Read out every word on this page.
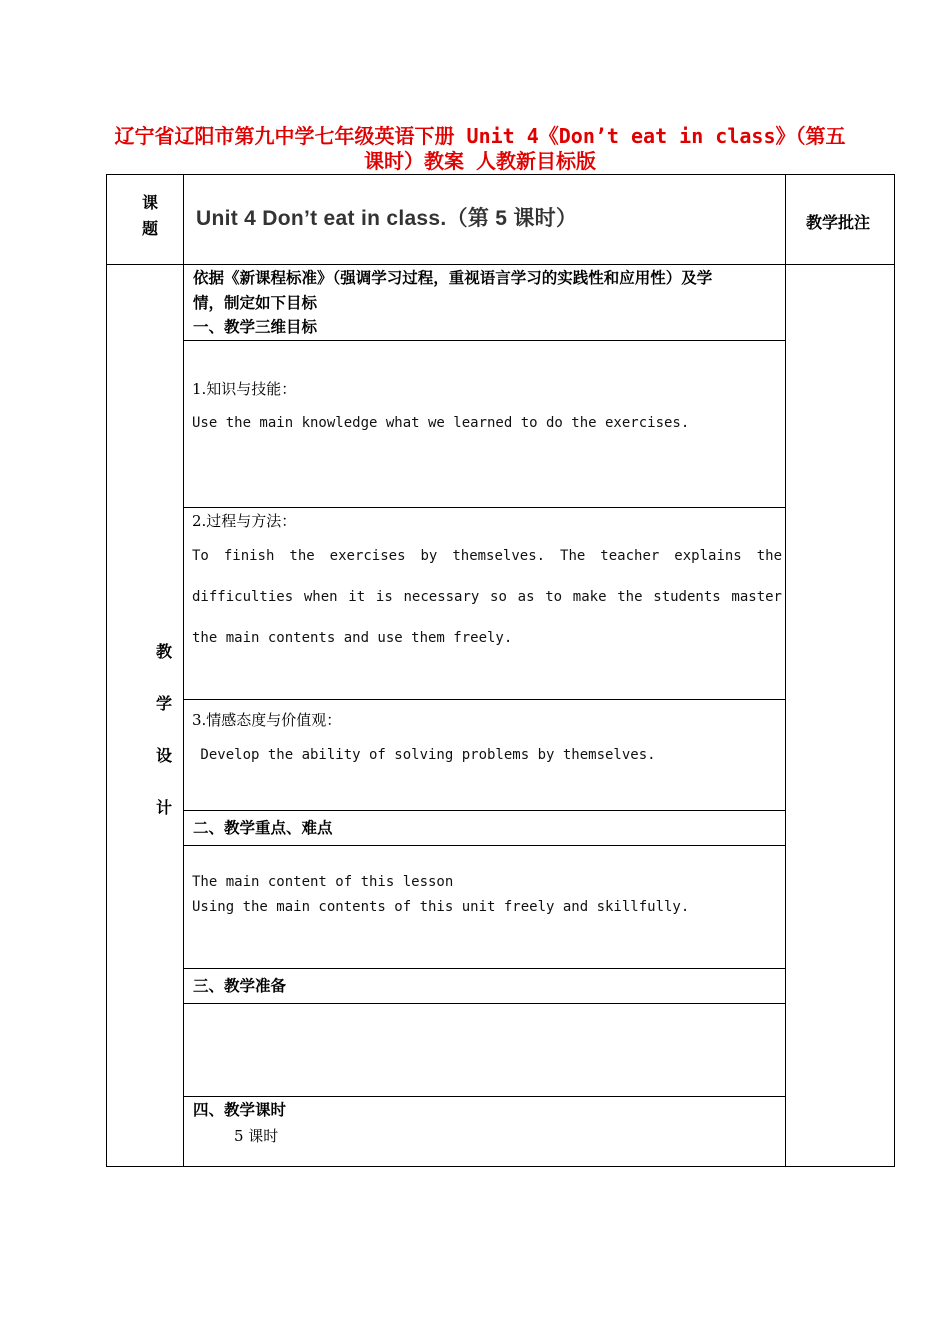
辽宁省辽阳市第九中学七年级英语下册 Unit 4《Don’t eat in class》（第五课时）教案 人教新目标版
课
题 Unit 4 Don’t eat in class.（第 5 课时）	教学批注
教
学
设
计
依据《新课程标准》（强调学习过程，重视语言学习的实践性和应用性）及学
情，制定如下目标
一、教学三维目标
1.知识与技能：
Use the main knowledge what we learned to do the exercises.
2.过程与方法：
To finish the exercises by themselves. The teacher explains the difficulties when it is necessary so as to make the students master the main contents and use them freely.
3.情感态度与价值观：
Develop the ability of solving problems by themselves.
二、教学重点、难点
The main content of this lesson
Using the main contents of this unit freely and skillfully.
三、教学准备
四、教学课时
5 课时
